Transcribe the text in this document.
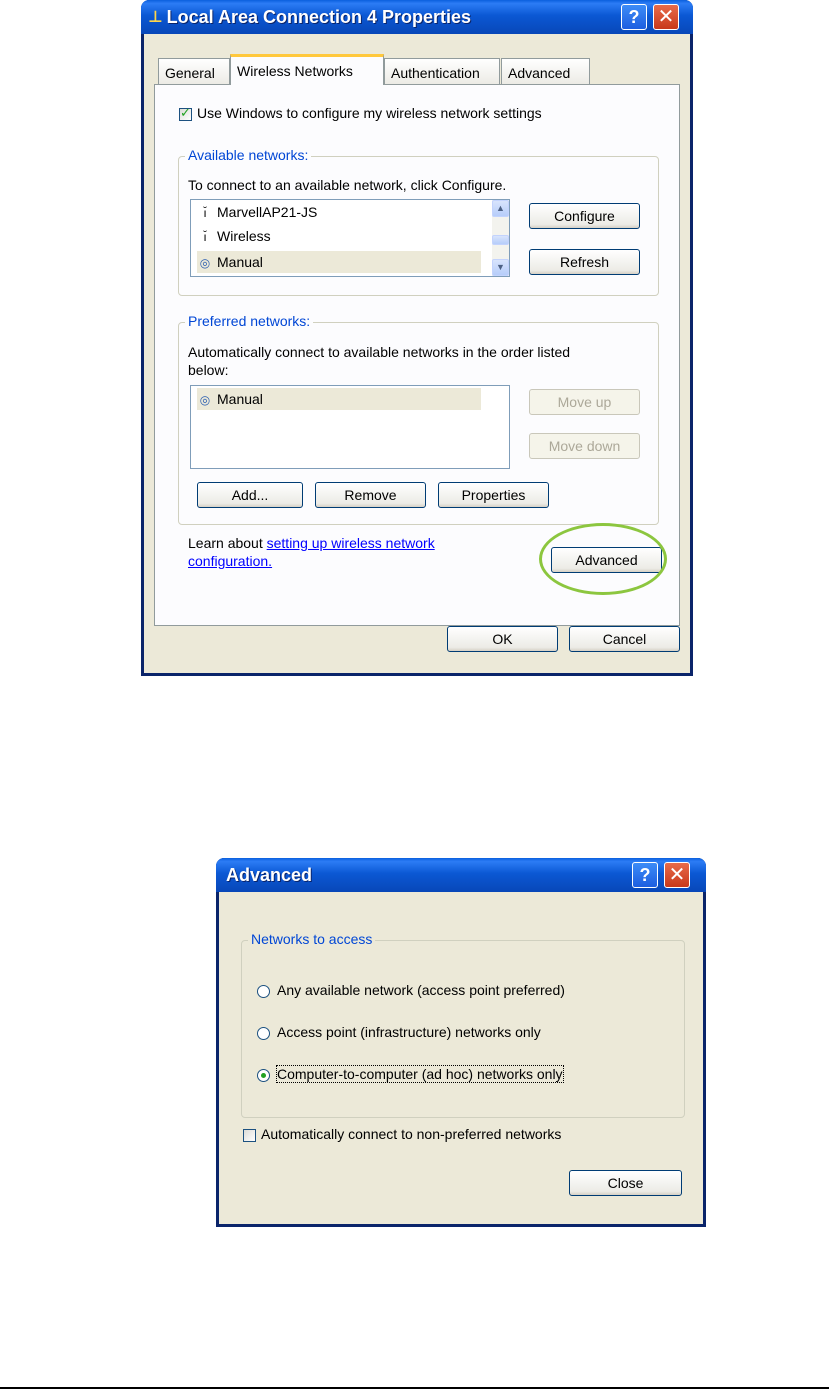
⊥ Local Area Connection 4 Properties	? ✕
General	Wireless Networks	Authentication	Advanced
✓ Use Windows to configure my wireless network settings
Available networks:
To connect to an available network, click Configure.
ı̆ MarvellAP21-JS
ı̆ Wireless
◎ Manual
▲
▼
Configure
Refresh
Preferred networks:
Automatically connect to available networks in the order listed
below:
◎ Manual	Move up
Move down
Add...	Remove	Properties
Learn about setting up wireless network
configuration.	Advanced
OK	Cancel
Advanced	? ✕
Networks to access
Any available network (access point preferred)
Access point (infrastructure) networks only
Computer-to-computer (ad hoc) networks only
Automatically connect to non-preferred networks
Close
